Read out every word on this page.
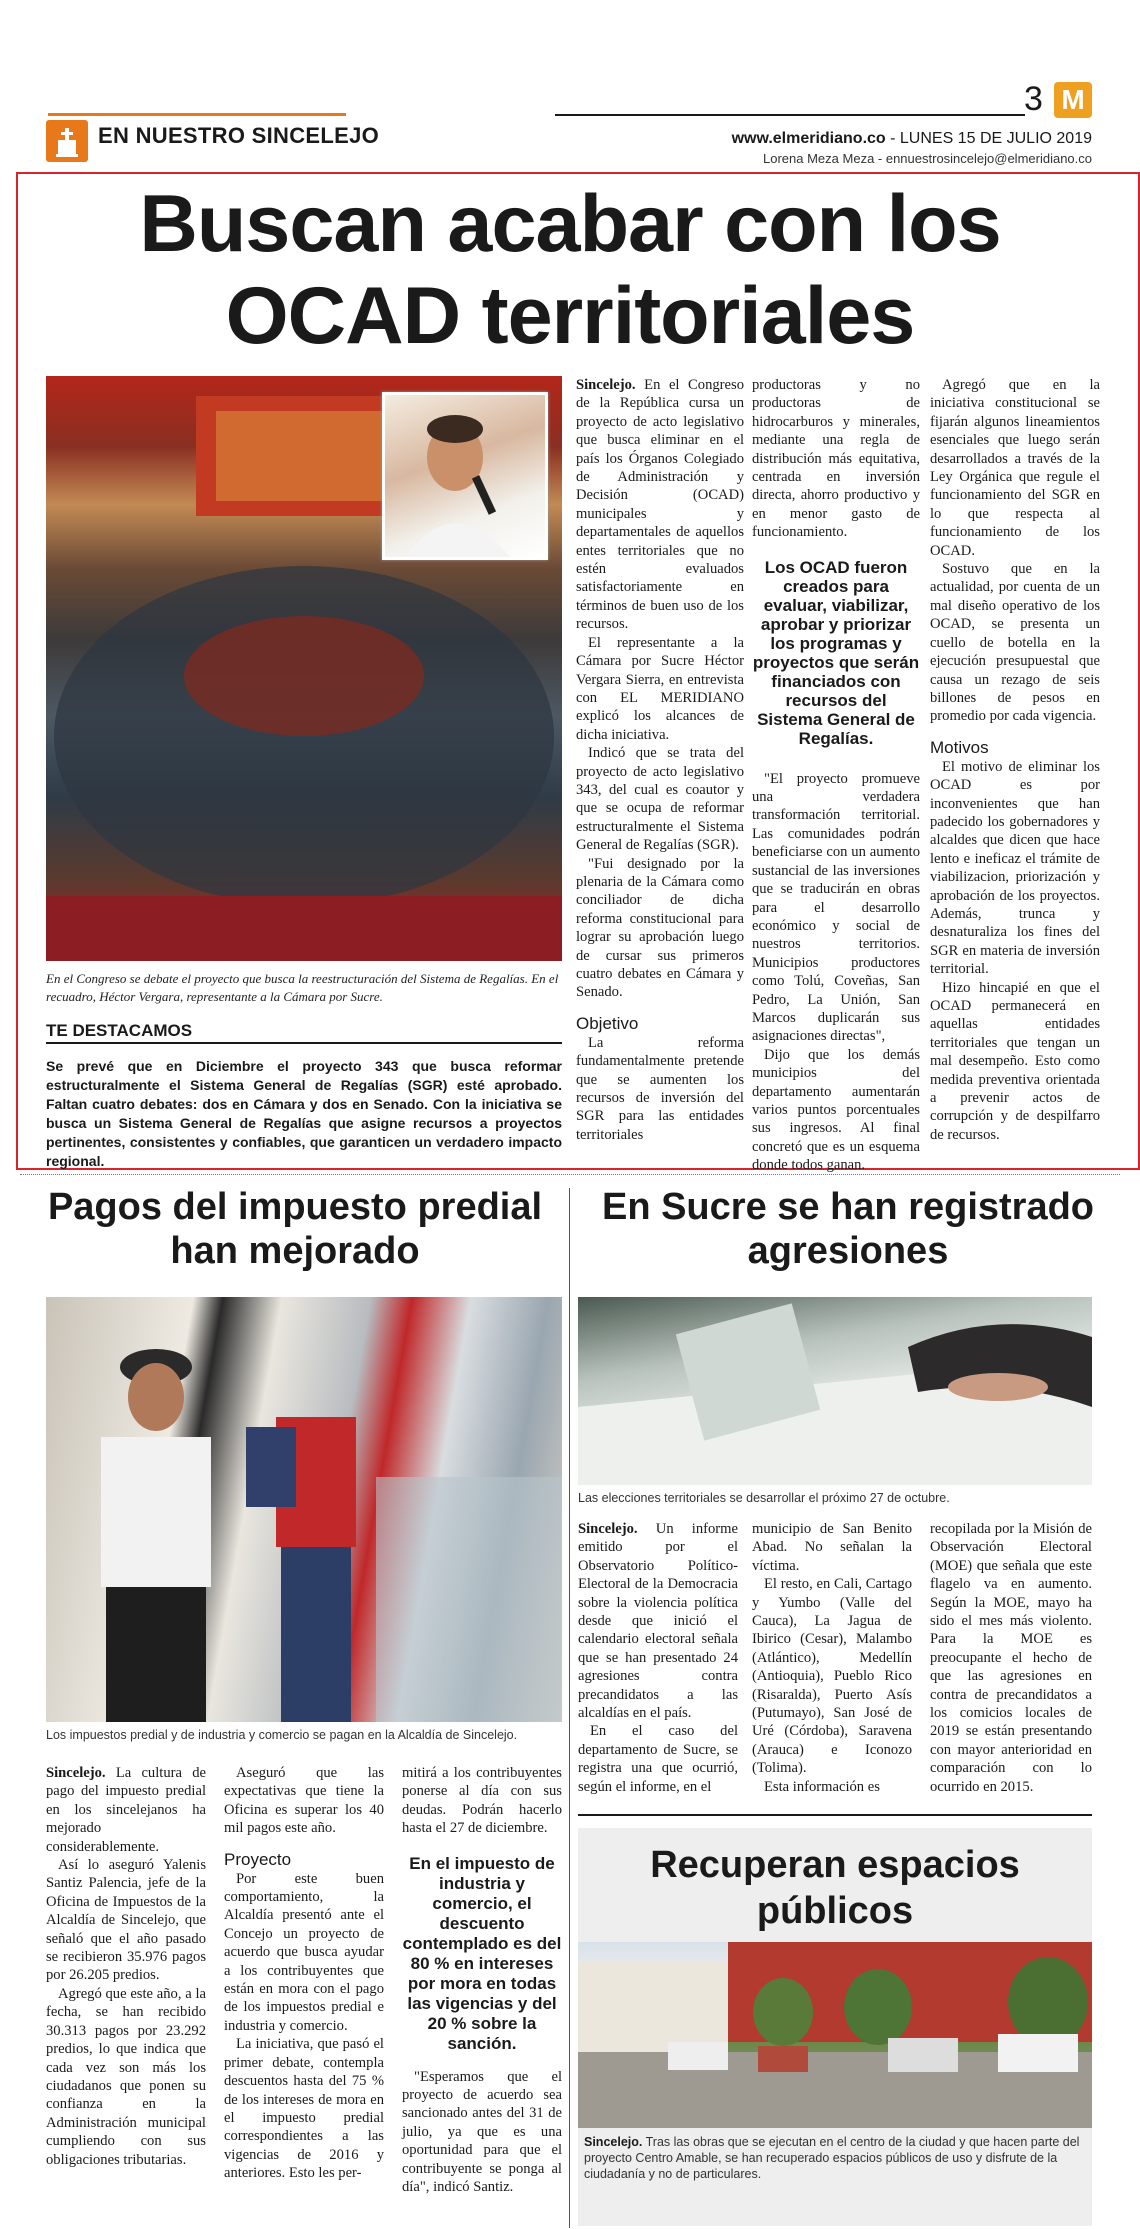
EN NUESTRO SINCELEJO
3 M
www.elmeridiano.co - LUNES 15 DE JULIO 2019
Lorena Meza Meza - ennuestrosincelejo@elmeridiano.co
Buscan acabar con los OCAD territoriales
En el Congreso se debate el proyecto que busca la reestructuración del Sistema de Regalías. En el recuadro, Héctor Vergara, representante a la Cámara por Sucre.
TE DESTACAMOS
Se prevé que en Diciembre el proyecto 343 que busca reformar estructuralmente el Sistema General de Regalías (SGR) esté aprobado. Faltan cuatro debates: dos en Cámara y dos en Senado. Con la iniciativa se busca un Sistema General de Regalías que asigne recursos a proyectos pertinentes, consistentes y confiables, que garanticen un verdadero impacto regional.

Sincelejo. En el Congreso de la República cursa un proyecto de acto legislativo que busca eliminar en el país los Órganos Colegiado de Administración y Decisión (OCAD) municipales y departamentales de aquellos entes territoriales que no estén evaluados satisfactoriamente en términos de buen uso de los recursos.

El representante a la Cámara por Sucre Héctor Vergara Sierra, en entrevista con EL MERIDIANO explicó los alcances de dicha iniciativa.

Indicó que se trata del proyecto de acto legislativo 343, del cual es coautor y que se ocupa de reformar estructuralmente el Sistema General de Regalías (SGR).

"Fui designado por la plenaria de la Cámara como conciliador de dicha reforma constitucional para lograr su aprobación luego de cursar sus primeros cuatro debates en Cámara y Senado.

Objetivo

La reforma fundamentalmente pretende que se aumenten los recursos de inversión del SGR para las entidades territoriales

productoras y no productoras de hidrocarburos y minerales, mediante una regla de distribución más equitativa, centrada en inversión directa, ahorro productivo y en menor gasto de funcionamiento.

Los OCAD fueron creados para evaluar, viabilizar, aprobar y priorizar los programas y proyectos que serán financiados con recursos del Sistema General de Regalías.

"El proyecto promueve una verdadera transformación territorial. Las comunidades podrán beneficiarse con un aumento sustancial de las inversiones que se traducirán en obras para el desarrollo económico y social de nuestros territorios. Municipios productores como Tolú, Coveñas, San Pedro, La Unión, San Marcos duplicarán sus asignaciones directas",

Dijo que los demás municipios del departamento aumentarán varios puntos porcentuales sus ingresos. Al final concretó que es un esquema donde todos ganan.

Agregó que en la iniciativa constitucional se fijarán algunos lineamientos esenciales que luego serán desarrollados a través de la Ley Orgánica que regule el funcionamiento del SGR en lo que respecta al funcionamiento de los OCAD.

Sostuvo que en la actualidad, por cuenta de un mal diseño operativo de los OCAD, se presenta un cuello de botella en la ejecución presupuestal que causa un rezago de seis billones de pesos en promedio por cada vigencia.

Motivos

El motivo de eliminar los OCAD es por inconvenientes que han padecido los gobernadores y alcaldes que dicen que hace lento e ineficaz el trámite de viabilizacion, priorización y aprobación de los proyectos. Además, trunca y desnaturaliza los fines del SGR en materia de inversión territorial.

Hizo hincapié en que el OCAD permanecerá en aquellas entidades territoriales que tengan un mal desempeño. Esto como medida preventiva orientada a prevenir actos de corrupción y de despilfarro de recursos.

Pagos del impuesto predial han mejorado
Los impuestos predial y de industria y comercio se pagan en la Alcaldía de Sincelejo.

Sincelejo. La cultura de pago del impuesto predial en los sincelejanos ha mejorado considerablemente.

Así lo aseguró Yalenis Santiz Palencia, jefe de la Oficina de Impuestos de la Alcaldía de Sincelejo, que señaló que el año pasado se recibieron 35.976 pagos por 26.205 predios.

Agregó que este año, a la fecha, se han recibido 30.313 pagos por 23.292 predios, lo que indica que cada vez son más los ciudadanos que ponen su confianza en la Administración municipal cumpliendo con sus obligaciones tributarias.

Aseguró que las expectativas que tiene la Oficina es superar los 40 mil pagos este año.

Proyecto

Por este buen comportamiento, la Alcaldía presentó ante el Concejo un proyecto de acuerdo que busca ayudar a los contribuyentes que están en mora con el pago de los impuestos predial e industria y comercio.

La iniciativa, que pasó el primer debate, contempla descuentos hasta del 75 % de los intereses de mora en el impuesto predial correspondientes a las vigencias de 2016 y anteriores. Esto les per-

mitirá a los contribuyentes ponerse al día con sus deudas. Podrán hacerlo hasta el 27 de diciembre.

En el impuesto de industria y comercio, el descuento contemplado es del 80 % en intereses por mora en todas las vigencias y del 20 % sobre la sanción.

"Esperamos que el proyecto de acuerdo sea sancionado antes del 31 de julio, ya que es una oportunidad para que el contribuyente se ponga al día", indicó Santiz.

En Sucre se han registrado agresiones
Las elecciones territoriales se desarrollar el próximo 27 de octubre.

Sincelejo. Un informe emitido por el Observatorio Político- Electoral de la Democracia sobre la violencia política desde que inició el calendario electoral señala que se han presentado 24 agresiones contra precandidatos a las alcaldías en el país.

En el caso del departamento de Sucre, se registra una que ocurrió, según el informe, en el

municipio de San Benito Abad. No señalan la víctima.

El resto, en Cali, Cartago y Yumbo (Valle del Cauca), La Jagua de Ibirico (Cesar), Malambo (Atlántico), Medellín (Antioquia), Pueblo Rico (Risaralda), Puerto Asís (Putumayo), San José de Uré (Córdoba), Saravena (Arauca) e Iconozo (Tolima).

Esta información es

recopilada por la Misión de Observación Electoral (MOE) que señala que este flagelo va en aumento. Según la MOE, mayo ha sido el mes más violento. Para la MOE es preocupante el hecho de que las agresiones en contra de precandidatos a los comicios locales de 2019 se están presentando con mayor anterioridad en comparación con lo ocurrido en 2015.

Recuperan espacios públicos
Sincelejo. Tras las obras que se ejecutan en el centro de la ciudad y que hacen parte del proyecto Centro Amable, se han recuperado espacios públicos de uso y disfrute de la ciudadanía y no de particulares.
